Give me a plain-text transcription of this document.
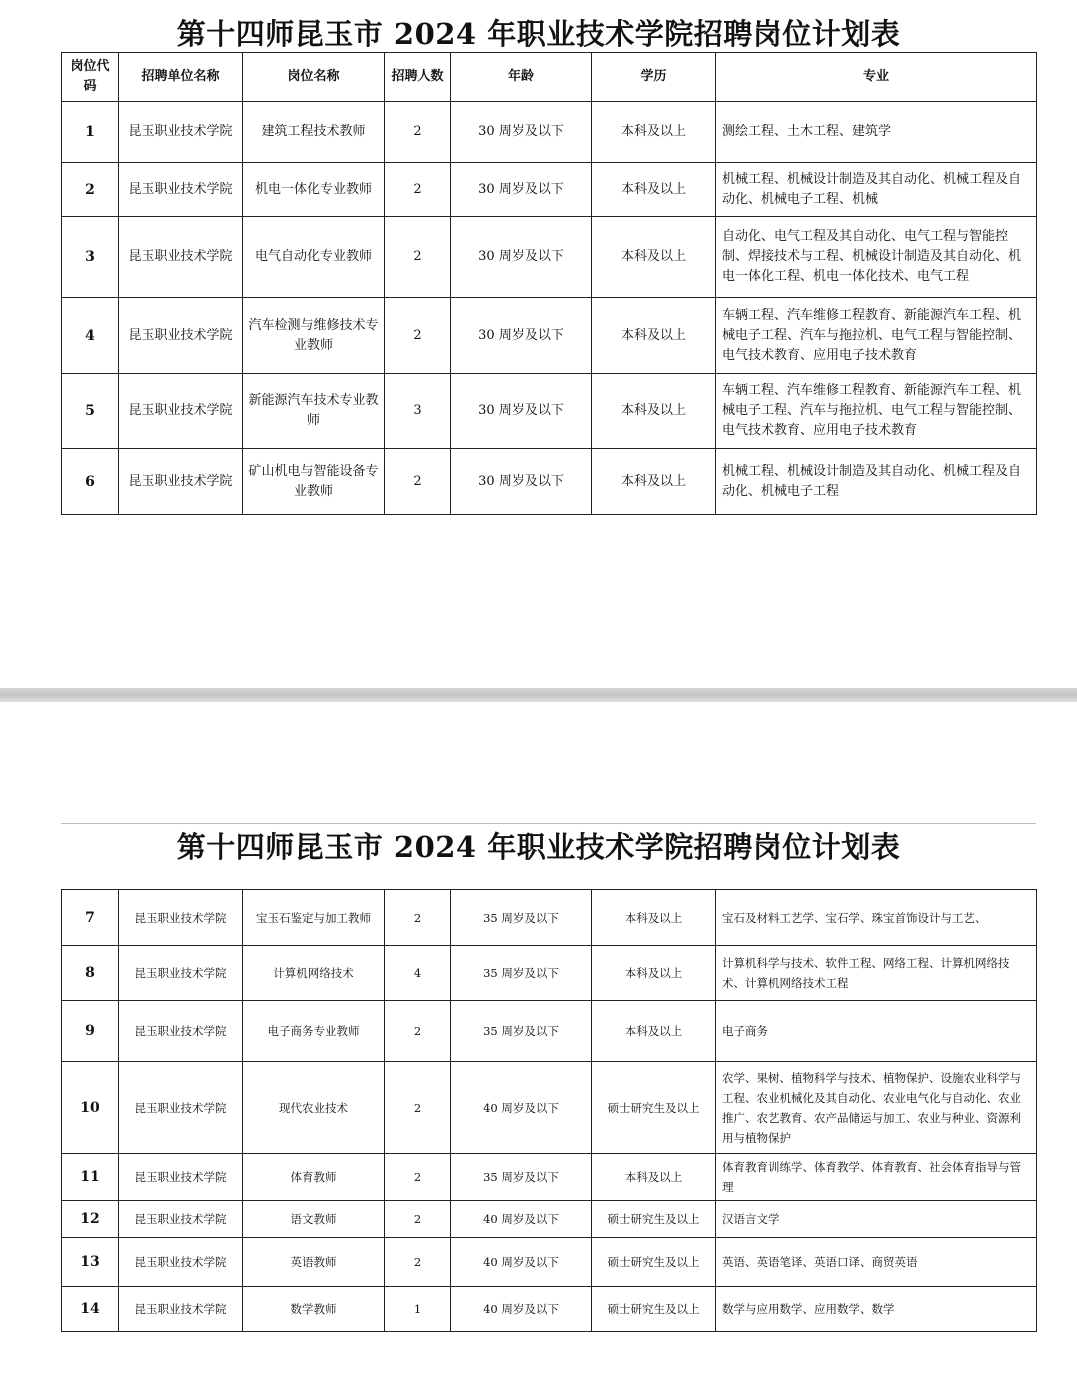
第十四师昆玉市 2024 年职业技术学院招聘岗位计划表
岗位代码	招聘单位名称	岗位名称	招聘人数	年龄	学历	专业
1	昆玉职业技术学院	建筑工程技术教师	2	30 周岁及以下	本科及以上	测绘工程、土木工程、建筑学
2	昆玉职业技术学院	机电一体化专业教师	2	30 周岁及以下	本科及以上	机械工程、机械设计制造及其自动化、机械工程及自动化、机械电子工程、机械
3	昆玉职业技术学院	电气自动化专业教师	2	30 周岁及以下	本科及以上	自动化、电气工程及其自动化、电气工程与智能控制、焊接技术与工程、机械设计制造及其自动化、机电一体化工程、机电一体化技术、电气工程
4	昆玉职业技术学院	汽车检测与维修技术专业教师	2	30 周岁及以下	本科及以上	车辆工程、汽车维修工程教育、新能源汽车工程、机械电子工程、汽车与拖拉机、电气工程与智能控制、电气技术教育、应用电子技术教育
5	昆玉职业技术学院	新能源汽车技术专业教师	3	30 周岁及以下	本科及以上	车辆工程、汽车维修工程教育、新能源汽车工程、机械电子工程、汽车与拖拉机、电气工程与智能控制、电气技术教育、应用电子技术教育
6	昆玉职业技术学院	矿山机电与智能设备专业教师	2	30 周岁及以下	本科及以上	机械工程、机械设计制造及其自动化、机械工程及自动化、机械电子工程
第十四师昆玉市 2024 年职业技术学院招聘岗位计划表
7	昆玉职业技术学院	宝玉石鉴定与加工教师	2	35 周岁及以下	本科及以上	宝石及材料工艺学、宝石学、珠宝首饰设计与工艺、
8	昆玉职业技术学院	计算机网络技术	4	35 周岁及以下	本科及以上	计算机科学与技术、软件工程、网络工程、计算机网络技术、计算机网络技术工程
9	昆玉职业技术学院	电子商务专业教师	2	35 周岁及以下	本科及以上	电子商务
10	昆玉职业技术学院	现代农业技术	2	40 周岁及以下	硕士研究生及以上	农学、果树、植物科学与技术、植物保护、设施农业科学与工程、农业机械化及其自动化、农业电气化与自动化、农业推广、农艺教育、农产品储运与加工、农业与种业、资源利用与植物保护
11	昆玉职业技术学院	体育教师	2	35 周岁及以下	本科及以上	体育教育训练学、体育教学、体育教育、社会体育指导与管理
12	昆玉职业技术学院	语文教师	2	40 周岁及以下	硕士研究生及以上	汉语言文学
13	昆玉职业技术学院	英语教师	2	40 周岁及以下	硕士研究生及以上	英语、英语笔译、英语口译、商贸英语
14	昆玉职业技术学院	数学教师	1	40 周岁及以下	硕士研究生及以上	数学与应用数学、应用数学、数学
